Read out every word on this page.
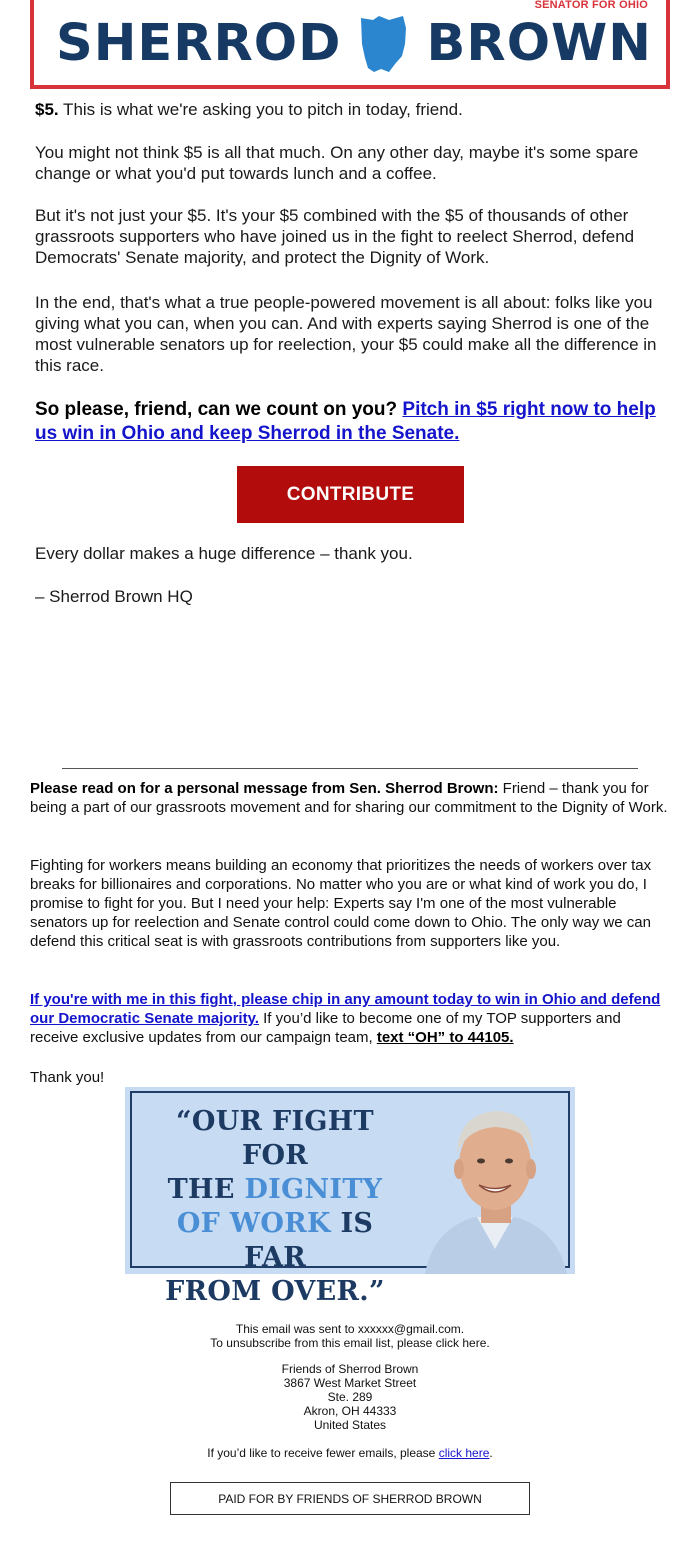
SENATOR FOR OHIO
SHERROD BROWN

$5. This is what we're asking you to pitch in today, friend.

You might not think $5 is all that much. On any other day, maybe it's some spare change or what you'd put towards lunch and a coffee.

But it's not just your $5. It's your $5 combined with the $5 of thousands of other grassroots supporters who have joined us in the fight to reelect Sherrod, defend Democrats' Senate majority, and protect the Dignity of Work.

In the end, that's what a true people-powered movement is all about: folks like you giving what you can, when you can. And with experts saying Sherrod is one of the most vulnerable senators up for reelection, your $5 could make all the difference in this race.

So please, friend, can we count on you? Pitch in $5 right now to help us win in Ohio and keep Sherrod in the Senate.

CONTRIBUTE

Every dollar makes a huge difference – thank you.

– Sherrod Brown HQ

Please read on for a personal message from Sen. Sherrod Brown: Friend – thank you for being a part of our grassroots movement and for sharing our commitment to the Dignity of Work.

Fighting for workers means building an economy that prioritizes the needs of workers over tax breaks for billionaires and corporations. No matter who you are or what kind of work you do, I promise to fight for you. But I need your help: Experts say I'm one of the most vulnerable senators up for reelection and Senate control could come down to Ohio. The only way we can defend this critical seat is with grassroots contributions from supporters like you.

If you're with me in this fight, please chip in any amount today to win in Ohio and defend our Democratic Senate majority. If you’d like to become one of my TOP supporters and receive exclusive updates from our campaign team, text “OH” to 44105.

Thank you!

“OUR FIGHT FOR
THE DIGNITY
OF WORK IS FAR
FROM OVER.”

This email was sent to xxxxxx@gmail.com.

To unsubscribe from this email list, please click here.

Friends of Sherrod Brown

3867 West Market Street

Ste. 289

Akron, OH 44333

United States

If you’d like to receive fewer emails, please click here.

PAID FOR BY FRIENDS OF SHERROD BROWN
